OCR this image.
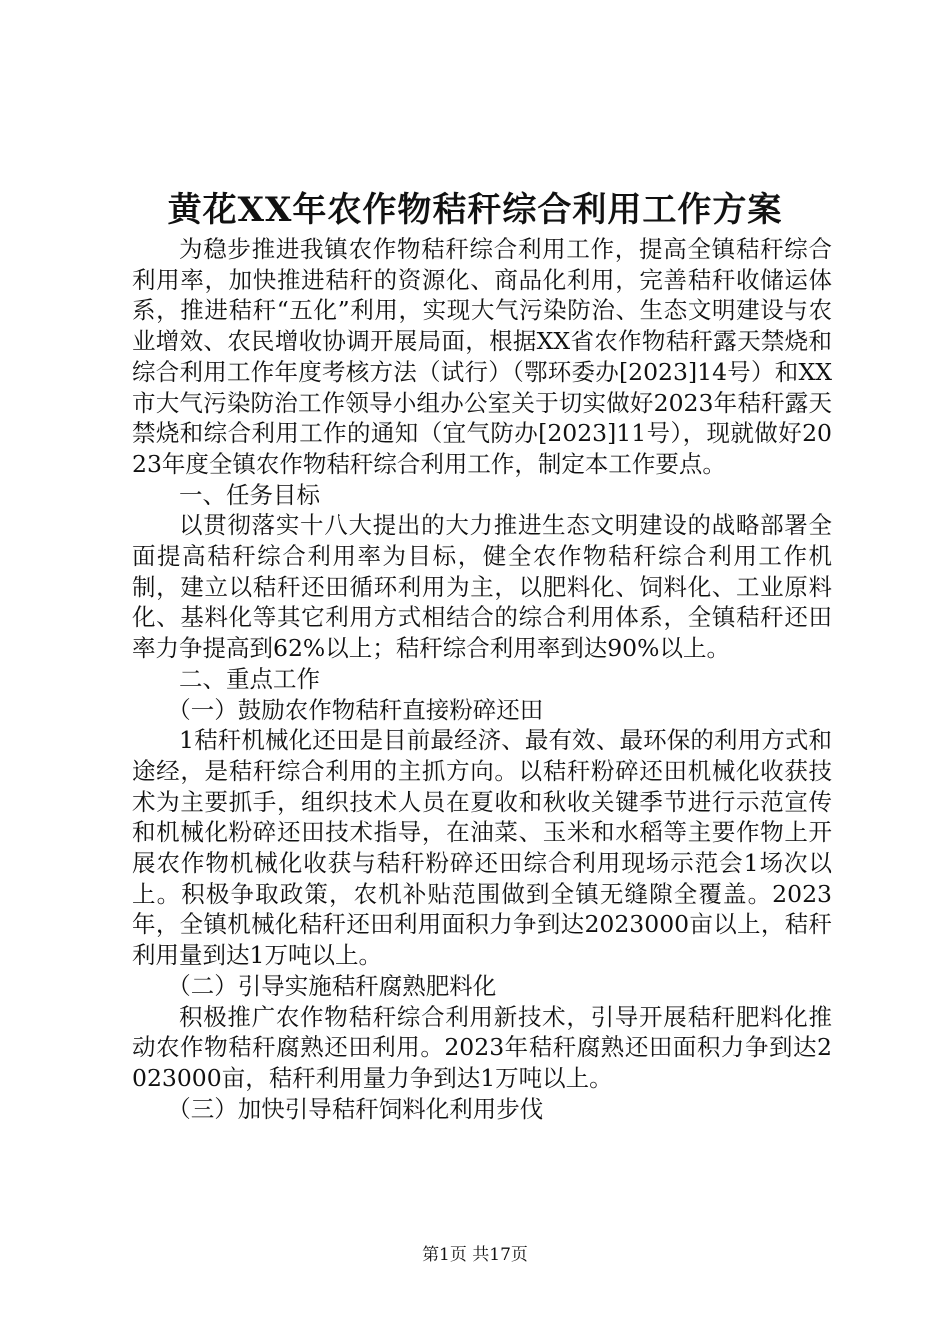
黄花XX年农作物秸秆综合利用工作方案

为稳步推进我镇农作物秸秆综合利用工作，提高全镇秸秆综合利用率，加快推进秸秆的资源化、商品化利用，完善秸秆收储运体系，推进秸秆“五化”利用，实现大气污染防治、生态文明建设与农业增效、农民增收协调开展局面，根据XX省农作物秸秆露天禁烧和综合利用工作年度考核方法（试行）（鄂环委办[2023]14号）和XX市大气污染防治工作领导小组办公室关于切实做好2023年秸秆露天禁烧和综合利用工作的通知（宜气防办[2023]11号），现就做好2023年度全镇农作物秸秆综合利用工作，制定本工作要点。

一、任务目标

以贯彻落实十八大提出的大力推进生态文明建设的战略部署全面提高秸秆综合利用率为目标，健全农作物秸秆综合利用工作机制，建立以秸秆还田循环利用为主，以肥料化、饲料化、工业原料化、基料化等其它利用方式相结合的综合利用体系，全镇秸秆还田率力争提高到62%以上；秸秆综合利用率到达90%以上。

二、重点工作

（一）鼓励农作物秸秆直接粉碎还田

1秸秆机械化还田是目前最经济、最有效、最环保的利用方式和途经，是秸秆综合利用的主抓方向。以秸秆粉碎还田机械化收获技术为主要抓手，组织技术人员在夏收和秋收关键季节进行示范宣传和机械化粉碎还田技术指导，在油菜、玉米和水稻等主要作物上开展农作物机械化收获与秸秆粉碎还田综合利用现场示范会1场次以上。积极争取政策，农机补贴范围做到全镇无缝隙全覆盖。2023年，全镇机械化秸秆还田利用面积力争到达2023000亩以上，秸秆利用量到达1万吨以上。

（二）引导实施秸秆腐熟肥料化

积极推广农作物秸秆综合利用新技术，引导开展秸秆肥料化推动农作物秸秆腐熟还田利用。2023年秸秆腐熟还田面积力争到达2023000亩，秸秆利用量力争到达1万吨以上。

（三）加快引导秸秆饲料化利用步伐

第1页 共17页
